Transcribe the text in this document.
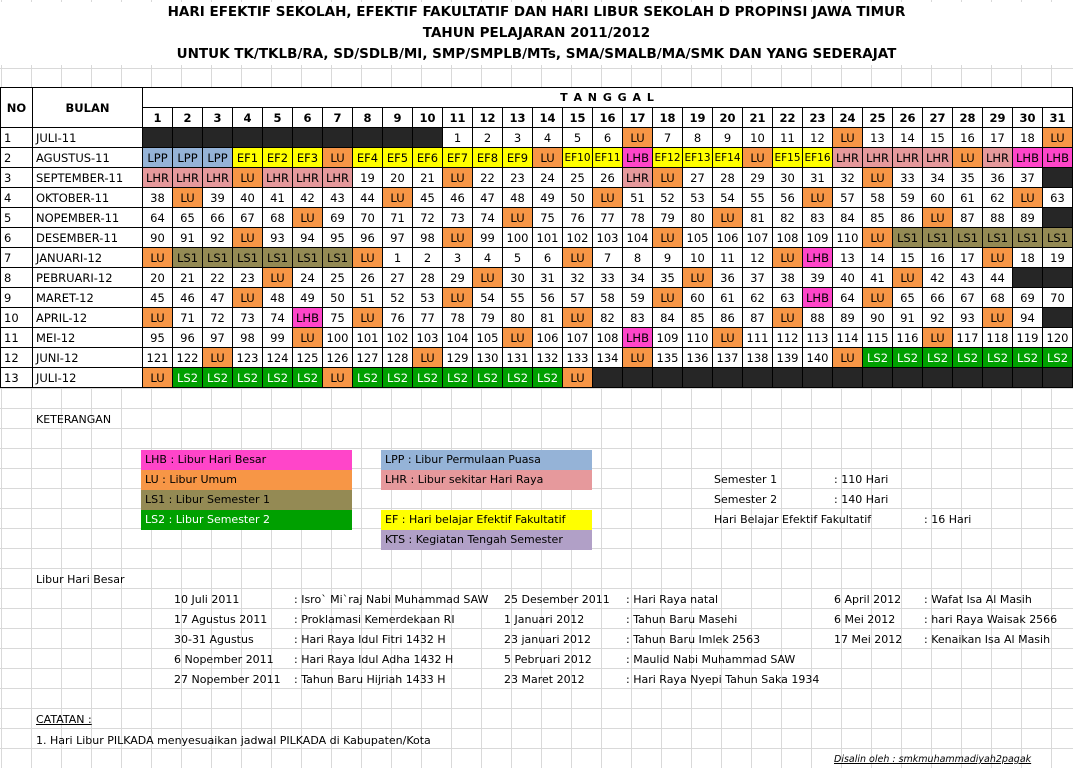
HARI EFEKTIF SEKOLAH, EFEKTIF FAKULTATIF DAN HARI LIBUR SEKOLAH D PROPINSI JAWA TIMUR
TAHUN PELAJARAN 2011/2012
UNTUK TK/TKLB/RA, SD/SDLB/MI, SMP/SMPLB/MTs, SMA/SMALB/MA/SMK DAN YANG SEDERAJAT
NO	BULAN	T A N G G A L																														
		1	2	3	4	5	6	7	8	9	10	11	12	13	14	15	16	17	18	19	20	21	22	23	24	25	26	27	28	29	30	31
1	JULI-11											1	2	3	4	5	6	LU	7	8	9	10	11	12	LU	13	14	15	16	17	18	LU
2	AGUSTUS-11	LPP	LPP	LPP	EF1	EF2	EF3	LU	EF4	EF5	EF6	EF7	EF8	EF9	LU	EF10	EF11	LHB	EF12	EF13	EF14	LU	EF15	EF16	LHR	LHR	LHR	LHR	LU	LHR	LHB	LHB
3	SEPTEMBER-11	LHR	LHR	LHR	LU	LHR	LHR	LHR	19	20	21	LU	22	23	24	25	26	LHR	LU	27	28	29	30	31	32	LU	33	34	35	36	37	
4	OKTOBER-11	38	LU	39	40	41	42	43	44	LU	45	46	47	48	49	50	LU	51	52	53	54	55	56	LU	57	58	59	60	61	62	LU	63
5	NOPEMBER-11	64	65	66	67	68	LU	69	70	71	72	73	74	LU	75	76	77	78	79	80	LU	81	82	83	84	85	86	LU	87	88	89	
6	DESEMBER-11	90	91	92	LU	93	94	95	96	97	98	LU	99	100	101	102	103	104	LU	105	106	107	108	109	110	LU	LS1	LS1	LS1	LS1	LS1	LS1
7	JANUARI-12	LU	LS1	LS1	LS1	LS1	LS1	LS1	LU	1	2	3	4	5	6	LU	7	8	9	10	11	12	LU	LHB	13	14	15	16	17	LU	18	19
8	PEBRUARI-12	20	21	22	23	LU	24	25	26	27	28	29	LU	30	31	32	33	34	35	LU	36	37	38	39	40	41	LU	42	43	44		
9	MARET-12	45	46	47	LU	48	49	50	51	52	53	LU	54	55	56	57	58	59	LU	60	61	62	63	LHB	64	LU	65	66	67	68	69	70
10	APRIL-12	LU	71	72	73	74	LHB	75	LU	76	77	78	79	80	81	LU	82	83	84	85	86	87	LU	88	89	90	91	92	93	LU	94	
11	MEI-12	95	96	97	98	99	LU	100	101	102	103	104	105	LU	106	107	108	LHB	109	110	LU	111	112	113	114	115	116	LU	117	118	119	120
12	JUNI-12	121	122	LU	123	124	125	126	127	128	LU	129	130	131	132	133	134	LU	135	136	137	138	139	140	LU	LS2	LS2	LS2	LS2	LS2	LS2	LS2
13	JULI-12	LU	LS2	LS2	LS2	LS2	LS2	LU	LS2	LS2	LS2	LS2	LS2	LS2	LS2	LU																
KETERANGAN
LHB : Libur Hari Besar
LU : Libur Umum
LS1 : Libur Semester 1
LS2 : Libur Semester 2
LPP : Libur Permulaan Puasa
LHR : Libur sekitar Hari Raya
EF : Hari belajar Efektif Fakultatif
KTS : Kegiatan Tengah Semester
Semester 1	: 110 Hari
Semester 2	: 140 Hari
Hari Belajar Efektif Fakultatif	: 16 Hari
Libur Hari Besar
10 Juli 2011	: Isro` Mi`raj Nabi Muhammad SAW 25 Desember 2011 : Hari Raya natal	6 April 2012 : Wafat Isa Al Masih
17 Agustus 2011 : Proklamasi Kemerdekaan RI	1 Januari 2012	: Tahun Baru Masehi	6 Mei 2012	: hari Raya Waisak 2566
30-31 Agustus	: Hari Raya Idul Fitri 1432 H	23 januari 2012	: Tahun Baru Imlek 2563	17 Mei 2012 : Kenaikan Isa Al Masih
6 Nopember 2011 : Hari Raya Idul Adha 1432 H	5 Pebruari 2012	: Maulid Nabi Muhammad SAW
27 Nopember 2011 : Tahun Baru Hijriah 1433 H	23 Maret 2012	: Hari Raya Nyepi Tahun Saka 1934
CATATAN :
1. Hari Libur PILKADA menyesuaikan jadwal PILKADA di Kabupaten/Kota
Disalin oleh : smkmuhammadiyah2pagak
